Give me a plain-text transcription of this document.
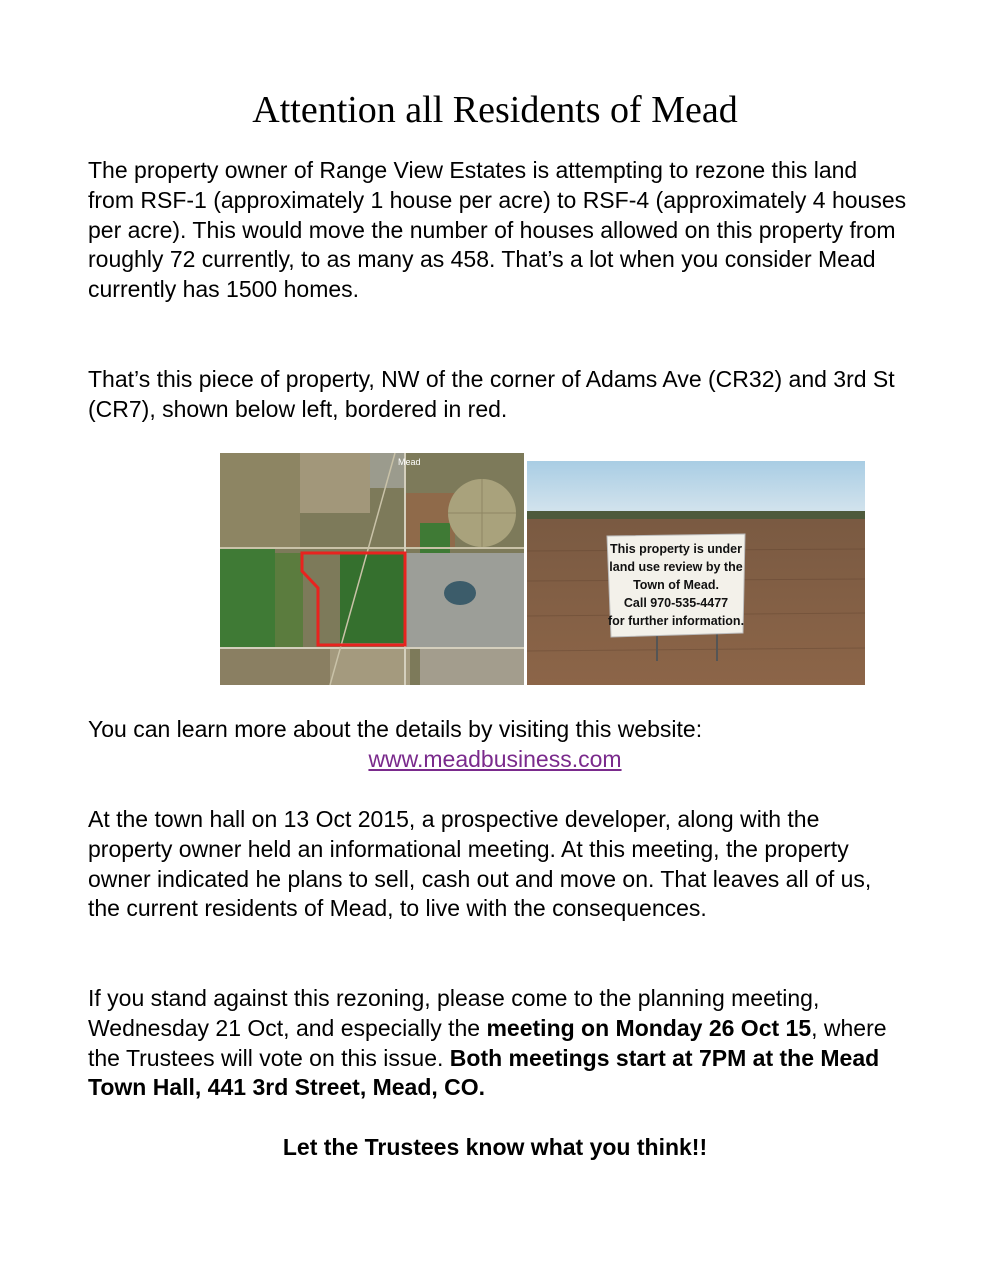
Attention all Residents of Mead

The property owner of Range View Estates is attempting to rezone this land from RSF-1 (approximately 1 house per acre) to RSF-4 (approximately 4 houses per acre). This would move the number of houses allowed on this property from roughly 72 currently, to as many as 458. That’s a lot when you consider Mead currently has 1500 homes.

That’s this piece of property, NW of the corner of Adams Ave (CR32) and 3rd St (CR7), shown below left, bordered in red.

Mead
This property is under
land use review by the
Town of Mead.
Call 970-535-4477
for further information.

You can learn more about the details by visiting this website:
www.meadbusiness.com

At the town hall on 13 Oct 2015, a prospective developer, along with the property owner held an informational meeting. At this meeting, the property owner indicated he plans to sell, cash out and move on. That leaves all of us, the current residents of Mead, to live with the consequences.

If you stand against this rezoning, please come to the planning meeting, Wednesday 21 Oct, and especially the meeting on Monday 26 Oct 15, where the Trustees will vote on this issue. Both meetings start at 7PM at the Mead Town Hall, 441 3rd Street, Mead, CO.

Let the Trustees know what you think!!
